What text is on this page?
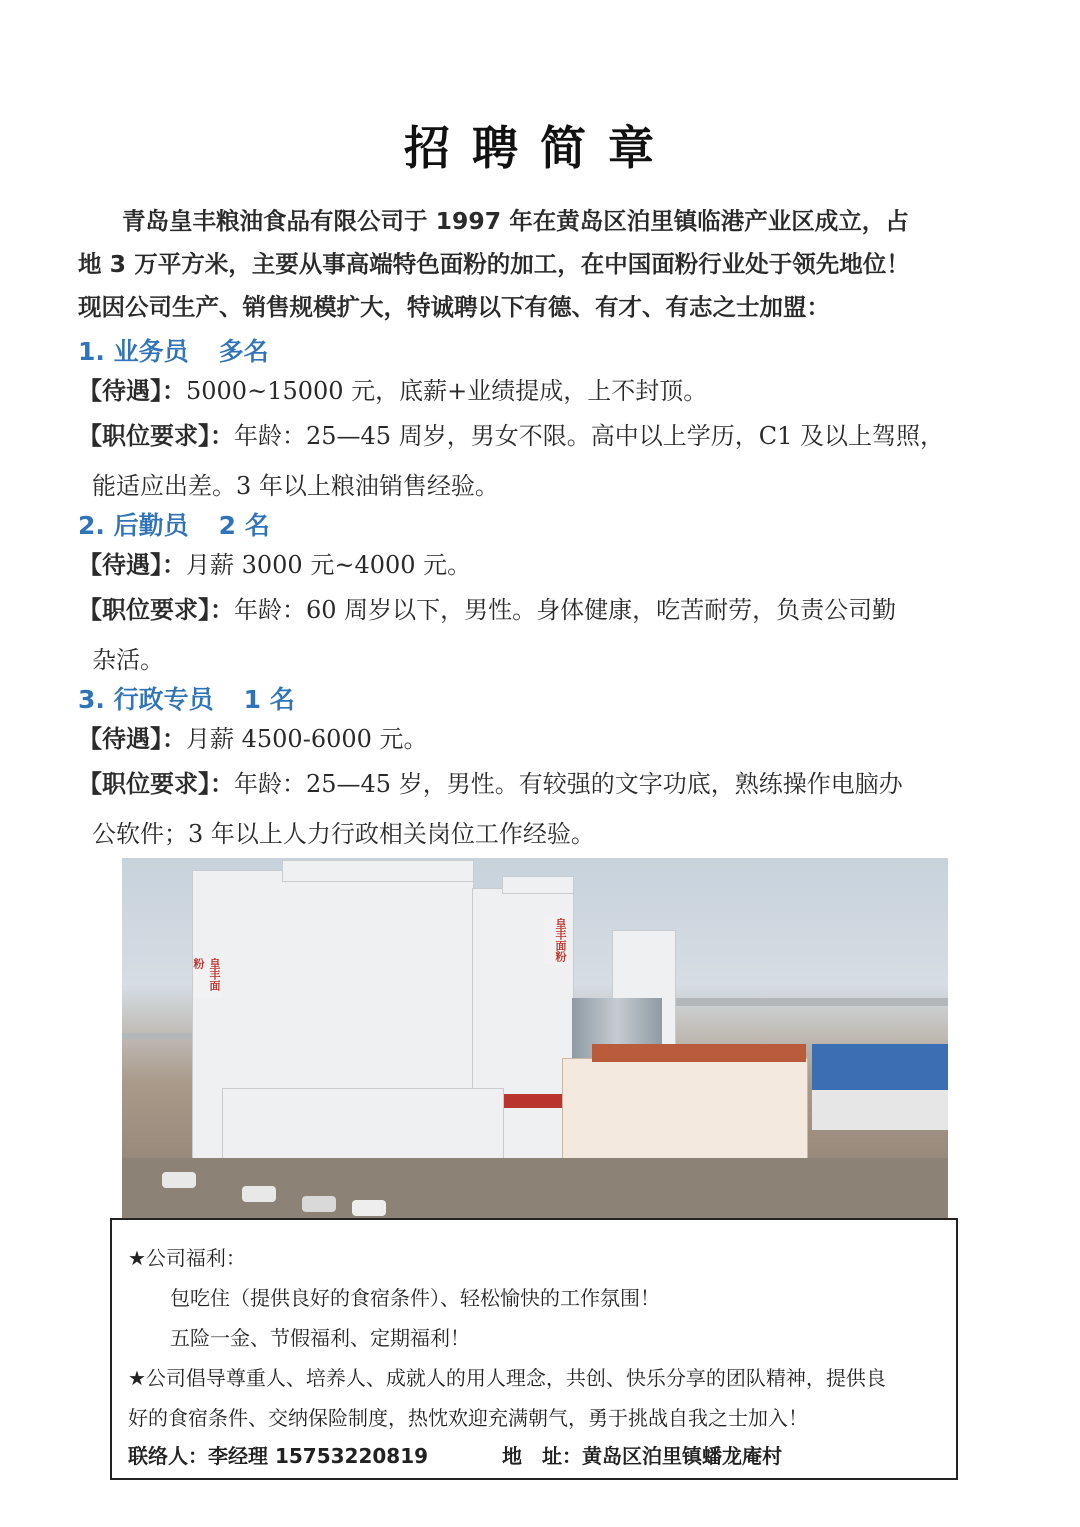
招聘简章
青岛皇丰粮油食品有限公司于 1997 年在黄岛区泊里镇临港产业区成立，占
地 3 万平方米，主要从事高端特色面粉的加工，在中国面粉行业处于领先地位！
现因公司生产、销售规模扩大，特诚聘以下有德、有才、有志之士加盟：
1. 业务员 多名
【待遇】：5000~15000 元，底薪+业绩提成，上不封顶。
【职位要求】：年龄：25—45 周岁，男女不限。高中以上学历，C1 及以上驾照，
能适应出差。3 年以上粮油销售经验。
2. 后勤员 2 名
【待遇】：月薪 3000 元~4000 元。
【职位要求】：年龄：60 周岁以下，男性。身体健康，吃苦耐劳，负责公司勤
杂活。
3. 行政专员 1 名
【待遇】：月薪 4500-6000 元。
【职位要求】：年龄：25—45 岁，男性。有较强的文字功底，熟练操作电脑办
公软件；3 年以上人力行政相关岗位工作经验。
皇丰面粉
皇丰面粉
★公司福利：
包吃住（提供良好的食宿条件）、轻松愉快的工作氛围！
五险一金、节假福利、定期福利！
★公司倡导尊重人、培养人、成就人的用人理念，共创、快乐分享的团队精神，提供良
好的食宿条件、交纳保险制度，热忱欢迎充满朝气，勇于挑战自我之士加入！
联络人：李经理 15753220819	地　址：黄岛区泊里镇蟠龙庵村
